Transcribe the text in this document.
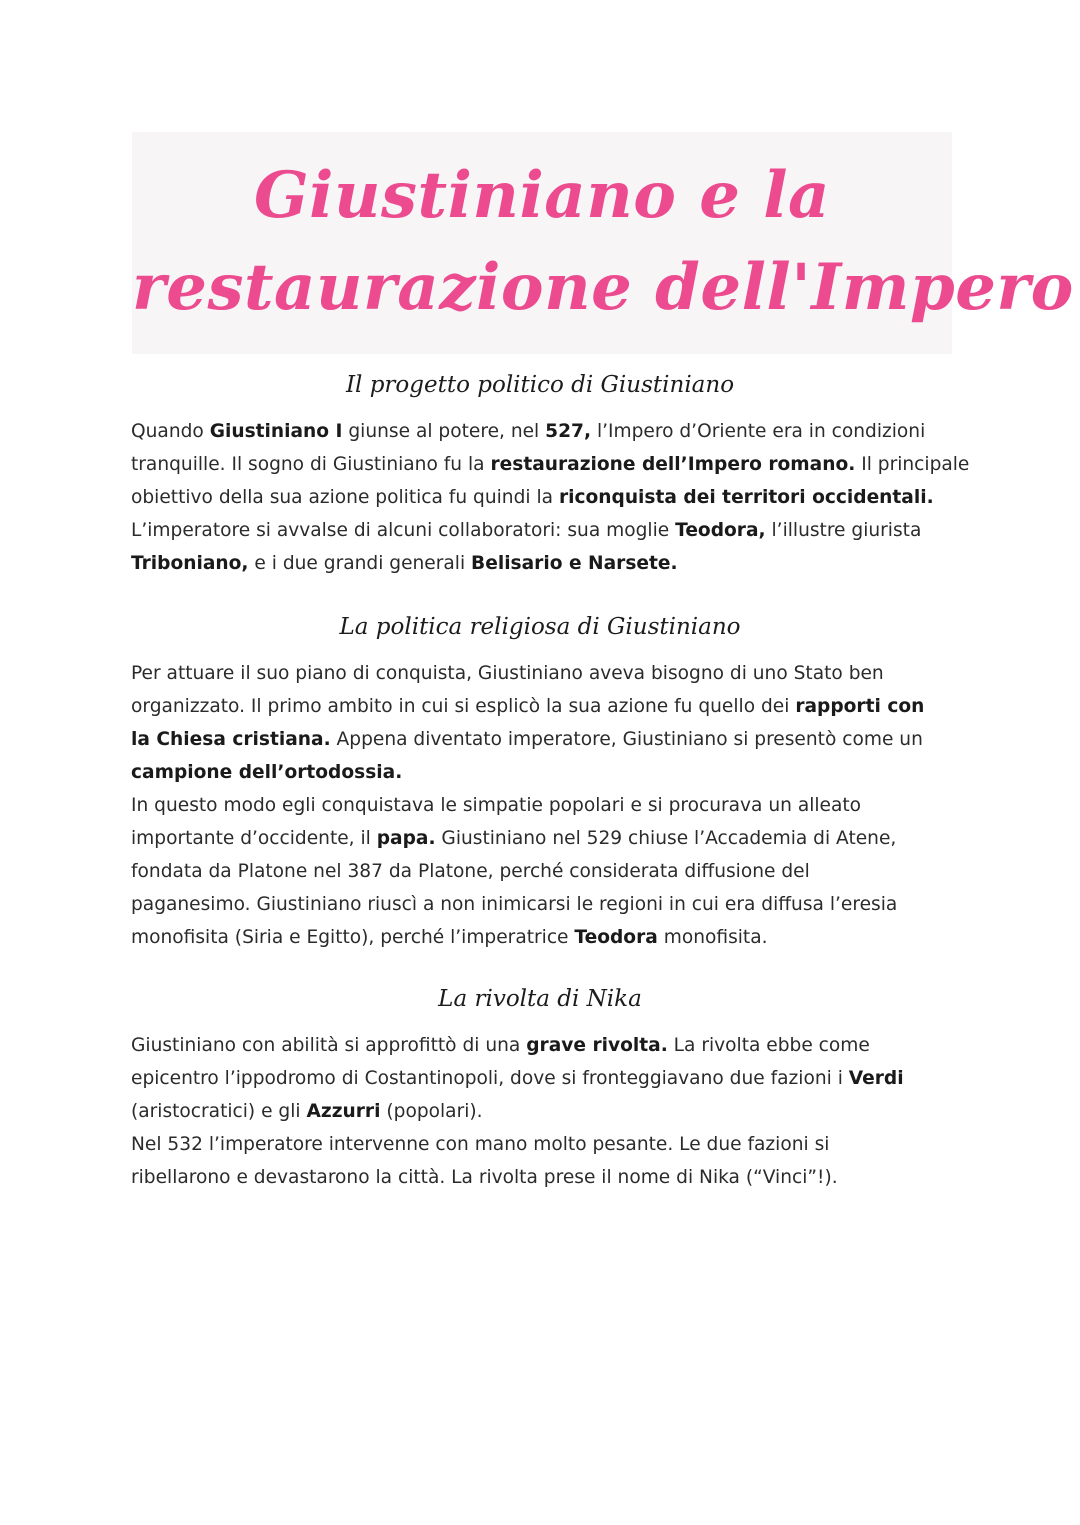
Giustiniano e la
restaurazione dell'Impero
Il progetto politico di Giustiniano
Quando Giustiniano I giunse al potere, nel 527, l’Impero d’Oriente era in condizioni
tranquille. Il sogno di Giustiniano fu la restaurazione dell’Impero romano. Il principale
obiettivo della sua azione politica fu quindi la riconquista dei territori occidentali.
L’imperatore si avvalse di alcuni collaboratori: sua moglie Teodora, l’illustre giurista
Triboniano, e i due grandi generali Belisario e Narsete.
La politica religiosa di Giustiniano
Per attuare il suo piano di conquista, Giustiniano aveva bisogno di uno Stato ben
organizzato. Il primo ambito in cui si esplicò la sua azione fu quello dei rapporti con
la Chiesa cristiana. Appena diventato imperatore, Giustiniano si presentò come un
campione dell’ortodossia.
In questo modo egli conquistava le simpatie popolari e si procurava un alleato
importante d’occidente, il papa. Giustiniano nel 529 chiuse l’Accademia di Atene,
fondata da Platone nel 387 da Platone, perché considerata diffusione del
paganesimo. Giustiniano riuscì a non inimicarsi le regioni in cui era diffusa l’eresia
monofisita (Siria e Egitto), perché l’imperatrice Teodora monofisita.
La rivolta di Nika
Giustiniano con abilità si approfittò di una grave rivolta. La rivolta ebbe come
epicentro l’ippodromo di Costantinopoli, dove si fronteggiavano due fazioni i Verdi
(aristocratici) e gli Azzurri (popolari).
Nel 532 l’imperatore intervenne con mano molto pesante. Le due fazioni si
ribellarono e devastarono la città. La rivolta prese il nome di Nika (“Vinci”!).
